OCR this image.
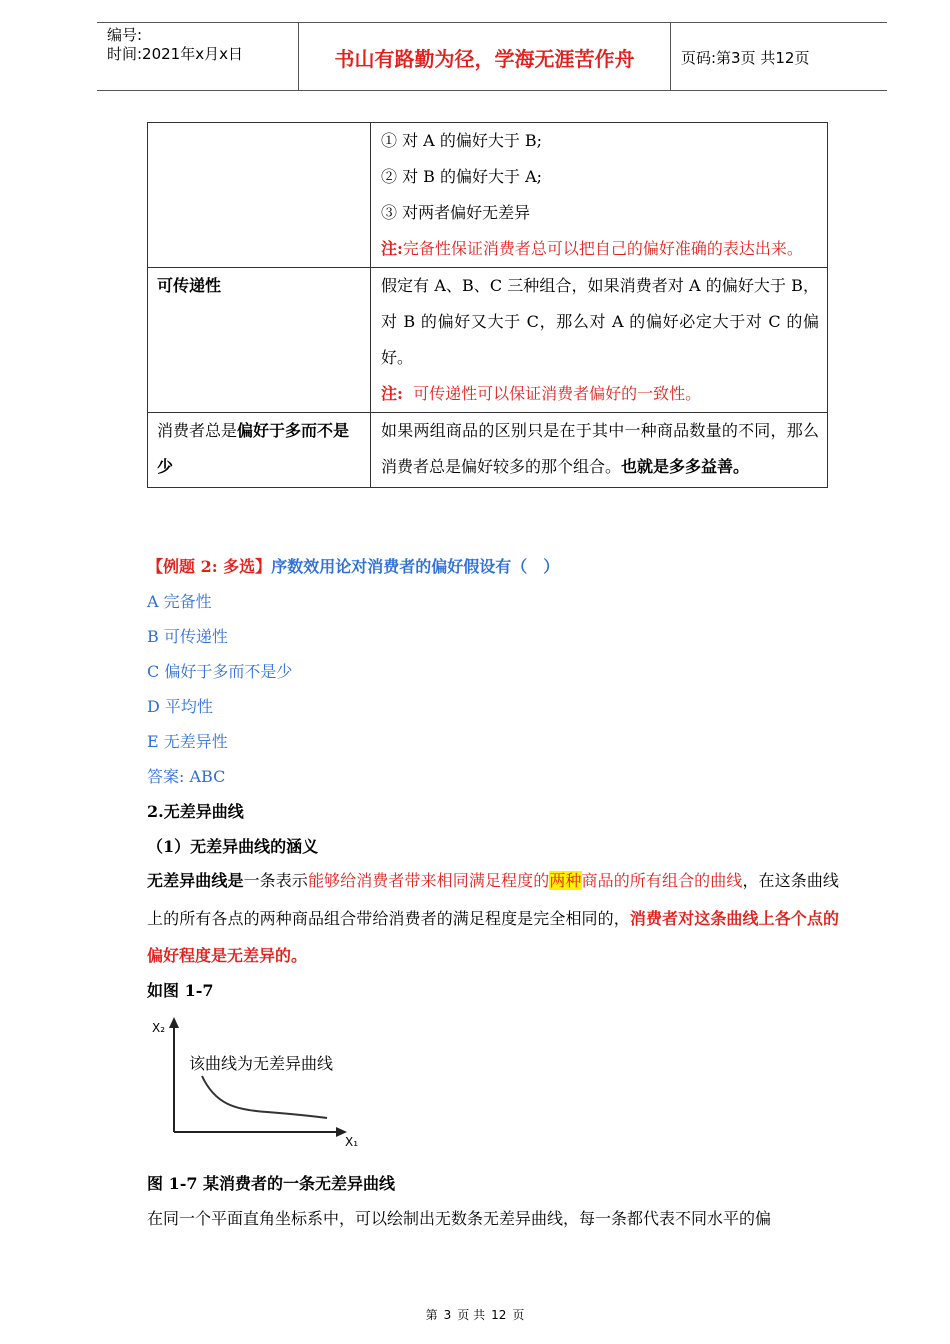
编号:
时间:2021年x月x日	书山有路勤为径，学海无涯苦作舟	页码:第3页 共12页

	① 对 A 的偏好大于 B;
② 对 B 的偏好大于 A;
③ 对两者偏好无差异
注:完备性保证消费者总可以把自己的偏好准确的表达出来。

可传递性	假定有 A、B、C 三种组合，如果消费者对 A 的偏好大于 B，对 B 的偏好又大于 C，那么对 A 的偏好必定大于对 C 的偏好。
注: 可传递性可以保证消费者偏好的一致性。

消费者总是偏好于多而不是少	如果两组商品的区别只是在于其中一种商品数量的不同，那么消费者总是偏好较多的那个组合。也就是多多益善。
【例题 2: 多选】序数效用论对消费者的偏好假设有（　）
A 完备性
B 可传递性
C 偏好于多而不是少
D 平均性
E 无差异性
答案: ABC
2.无差异曲线
（1）无差异曲线的涵义
无差异曲线是一条表示能够给消费者带来相同满足程度的两种商品的所有组合的曲线，在这条曲线上的所有各点的两种商品组合带给消费者的满足程度是完全相同的，消费者对这条曲线上各个点的偏好程度是无差异的。
如图 1-7
X₂
X₁
该曲线为无差异曲线
图 1-7 某消费者的一条无差异曲线
在同一个平面直角坐标系中，可以绘制出无数条无差异曲线，每一条都代表不同水平的偏
第 3 页 共 12 页
